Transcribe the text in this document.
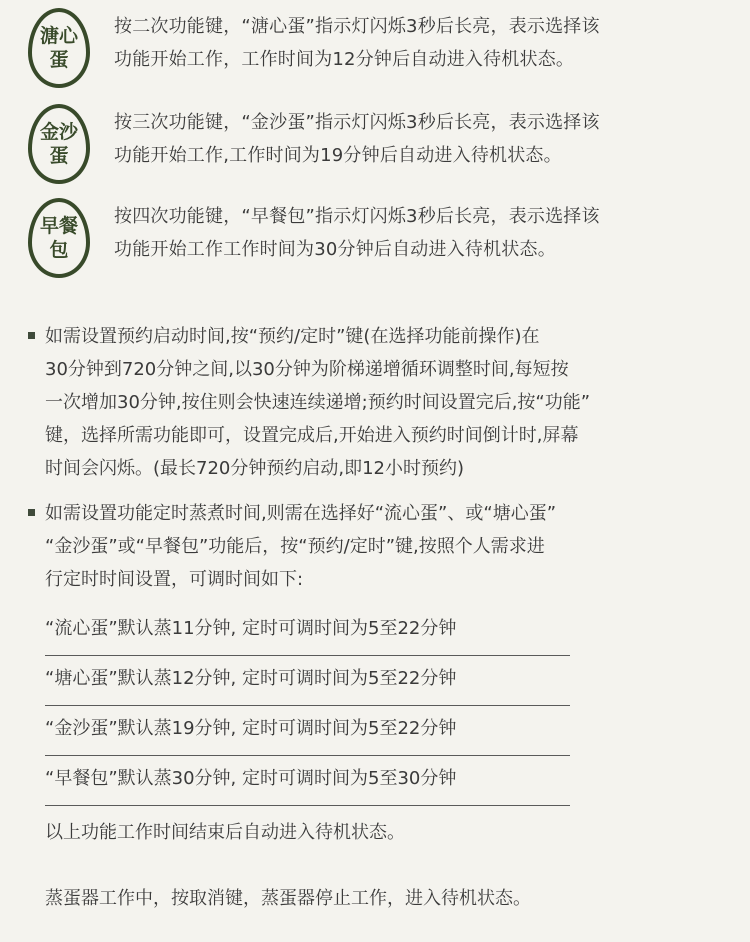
溏心
蛋
按二次功能键，“溏心蛋”指示灯闪烁3秒后长亮，表示选择该
功能开始工作，工作时间为12分钟后自动进入待机状态。
金沙
蛋
按三次功能键，“金沙蛋”指示灯闪烁3秒后长亮，表示选择该
功能开始工作,工作时间为19分钟后自动进入待机状态。
早餐
包
按四次功能键，“早餐包”指示灯闪烁3秒后长亮，表示选择该
功能开始工作工作时间为30分钟后自动进入待机状态。
如需设置预约启动时间,按“预约/定时”键(在选择功能前操作)在
30分钟到720分钟之间,以30分钟为阶梯递增循环调整时间,每短按
一次增加30分钟,按住则会快速连续递增;预约时间设置完后,按“功能”
键，选择所需功能即可，设置完成后,开始进入预约时间倒计时,屏幕
时间会闪烁。(最长720分钟预约启动,即12小时预约)
如需设置功能定时蒸煮时间,则需在选择好“流心蛋”、或“塘心蛋”
“金沙蛋”或“早餐包”功能后，按“预约/定时”键,按照个人需求进
行定时时间设置，可调时间如下:
“流心蛋”默认蒸11分钟, 定时可调时间为5至22分钟
“塘心蛋”默认蒸12分钟, 定时可调时间为5至22分钟
“金沙蛋”默认蒸19分钟, 定时可调时间为5至22分钟
“早餐包”默认蒸30分钟, 定时可调时间为5至30分钟
以上功能工作时间结束后自动进入待机状态。
蒸蛋器工作中，按取消键，蒸蛋器停止工作，进入待机状态。
